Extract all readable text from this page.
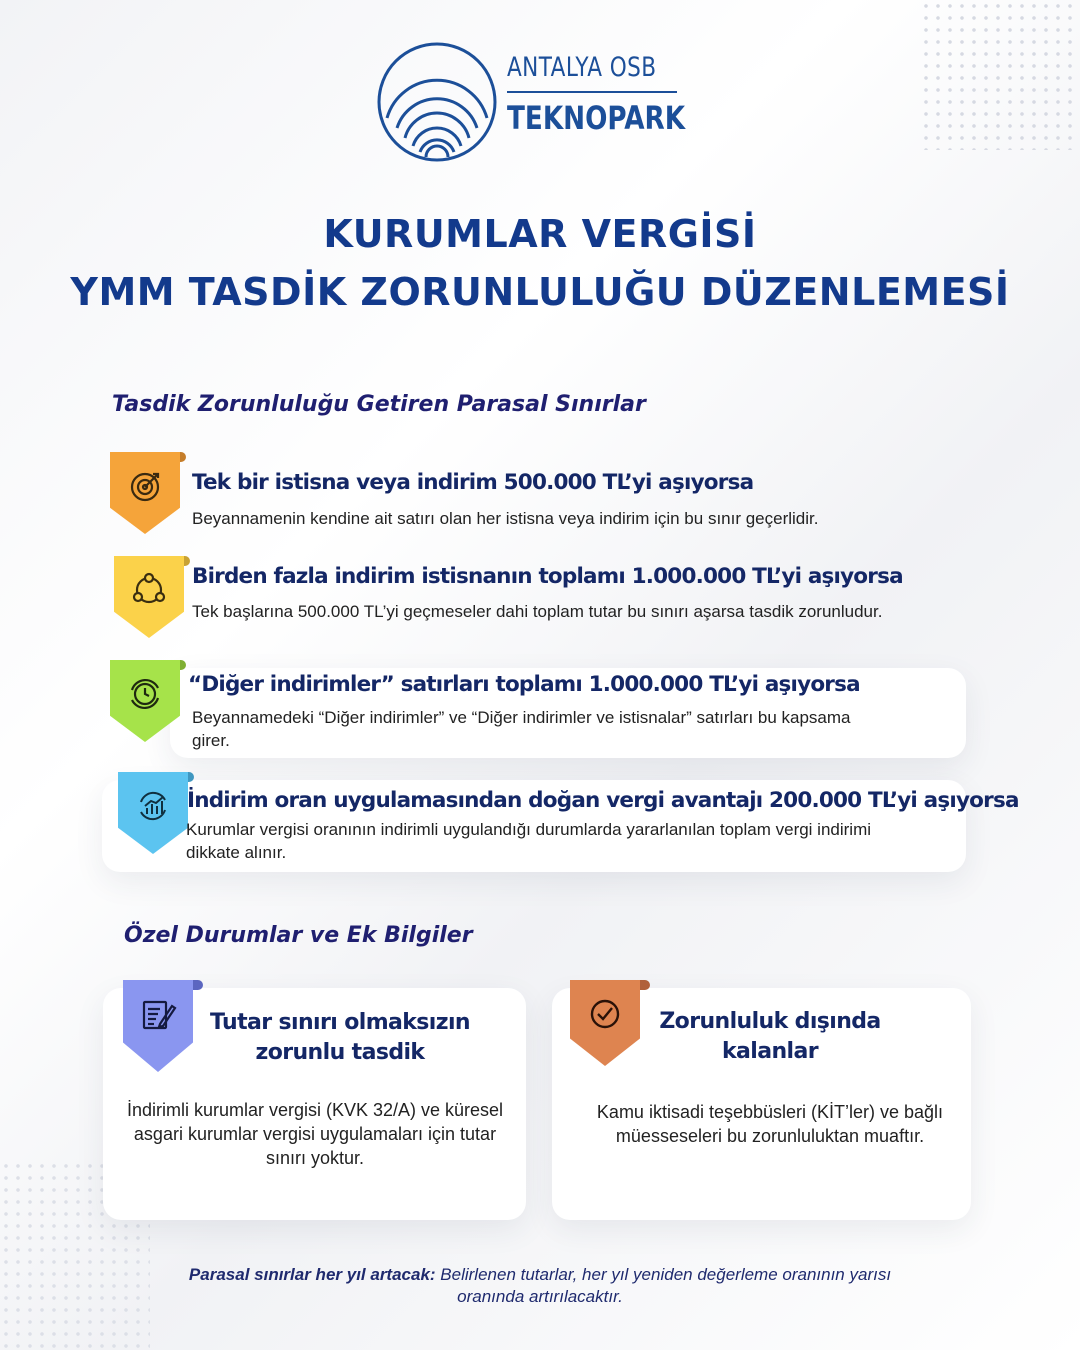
ANTALYA OSB
TEKNOPARK
KURUMLAR VERGİSİ
YMM TASDİK ZORUNLULUĞU DÜZENLEMESİ
Tasdik Zorunluluğu Getiren Parasal Sınırlar
Tek bir istisna veya indirim 500.000 TL’yi aşıyorsa
Beyannamenin kendine ait satırı olan her istisna veya indirim için bu sınır geçerlidir.
Birden fazla indirim istisnanın toplamı 1.000.000 TL’yi aşıyorsa
Tek başlarına 500.000 TL’yi geçmeseler dahi toplam tutar bu sınırı aşarsa tasdik zorunludur.
“Diğer indirimler” satırları toplamı 1.000.000 TL’yi aşıyorsa
Beyannamedeki “Diğer indirimler” ve “Diğer indirimler ve istisnalar” satırları bu kapsama girer.
İndirim oran uygulamasından doğan vergi avantajı 200.000 TL’yi aşıyorsa
Kurumlar vergisi oranının indirimli uygulandığı durumlarda yararlanılan toplam vergi indirimi dikkate alınır.
Özel Durumlar ve Ek Bilgiler
Tutar sınırı olmaksızın zorunlu tasdik
İndirimli kurumlar vergisi (KVK 32/A) ve küresel asgari kurumlar vergisi uygulamaları için tutar sınırı yoktur.
Zorunluluk dışında kalanlar
Kamu iktisadi teşebbüsleri (KİT’ler) ve bağlı müesseseleri bu zorunluluktan muaftır.
Parasal sınırlar her yıl artacak: Belirlenen tutarlar, her yıl yeniden değerleme oranının yarısı oranında artırılacaktır.
